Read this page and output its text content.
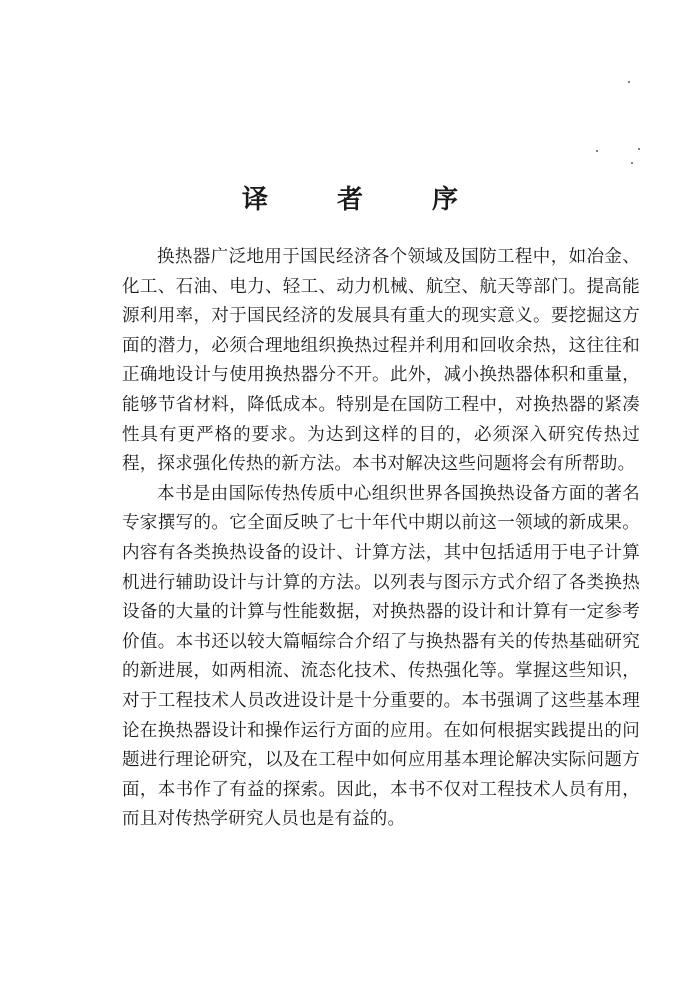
译 者 序

换热器广泛地用于国民经济各个领域及国防工程中，如冶金、化工、石油、电力、轻工、动力机械、航空、航天等部门。提高能源利用率，对于国民经济的发展具有重大的现实意义。要挖掘这方面的潜力，必须合理地组织换热过程并利用和回收余热，这往往和正确地设计与使用换热器分不开。此外，减小换热器体积和重量，能够节省材料，降低成本。特别是在国防工程中，对换热器的紧凑性具有更严格的要求。为达到这样的目的，必须深入研究传热过程，探求强化传热的新方法。本书对解决这些问题将会有所帮助。

本书是由国际传热传质中心组织世界各国换热设备方面的著名专家撰写的。它全面反映了七十年代中期以前这一领域的新成果。内容有各类换热设备的设计、计算方法，其中包括适用于电子计算机进行辅助设计与计算的方法。以列表与图示方式介绍了各类换热设备的大量的计算与性能数据，对换热器的设计和计算有一定参考价值。本书还以较大篇幅综合介绍了与换热器有关的传热基础研究的新进展，如两相流、流态化技术、传热强化等。掌握这些知识，对于工程技术人员改进设计是十分重要的。本书强调了这些基本理论在换热器设计和操作运行方面的应用。在如何根据实践提出的问题进行理论研究，以及在工程中如何应用基本理论解决实际问题方面，本书作了有益的探索。因此，本书不仅对工程技术人员有用，而且对传热学研究人员也是有益的。
